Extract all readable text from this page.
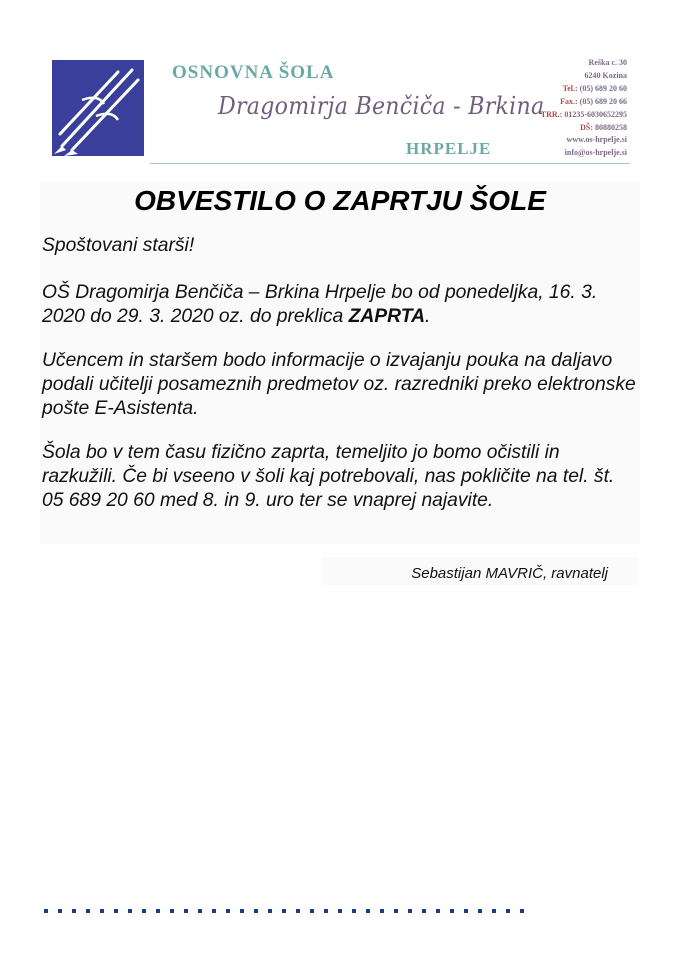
OSNOVNA ŠOLA
Dragomirja Benčiča - Brkina
HRPELJE
Reška c. 30
6240 Kozina
Tel.: (05) 689 20 60
Fax.: (05) 689 20 66
TRR.: 01235-6030652295
DŠ: 80880258
www.os-hrpelje.si
info@os-hrpelje.si
OBVESTILO O ZAPRTJU ŠOLE
Spoštovani starši!
OŠ Dragomirja Benčiča – Brkina Hrpelje bo od ponedeljka, 16. 3. 2020 do 29. 3. 2020 oz. do preklica ZAPRTA.
Učencem in staršem bodo informacije o izvajanju pouka na daljavo podali učitelji posameznih predmetov oz. razredniki preko elektronske pošte E-Asistenta.
Šola bo v tem času fizično zaprta, temeljito jo bomo očistili in razkužili. Če bi vseeno v šoli kaj potrebovali, nas pokličite na tel. št. 05 689 20 60 med 8. in 9. uro ter se vnaprej najavite.
Sebastijan MAVRIČ, ravnatelj
